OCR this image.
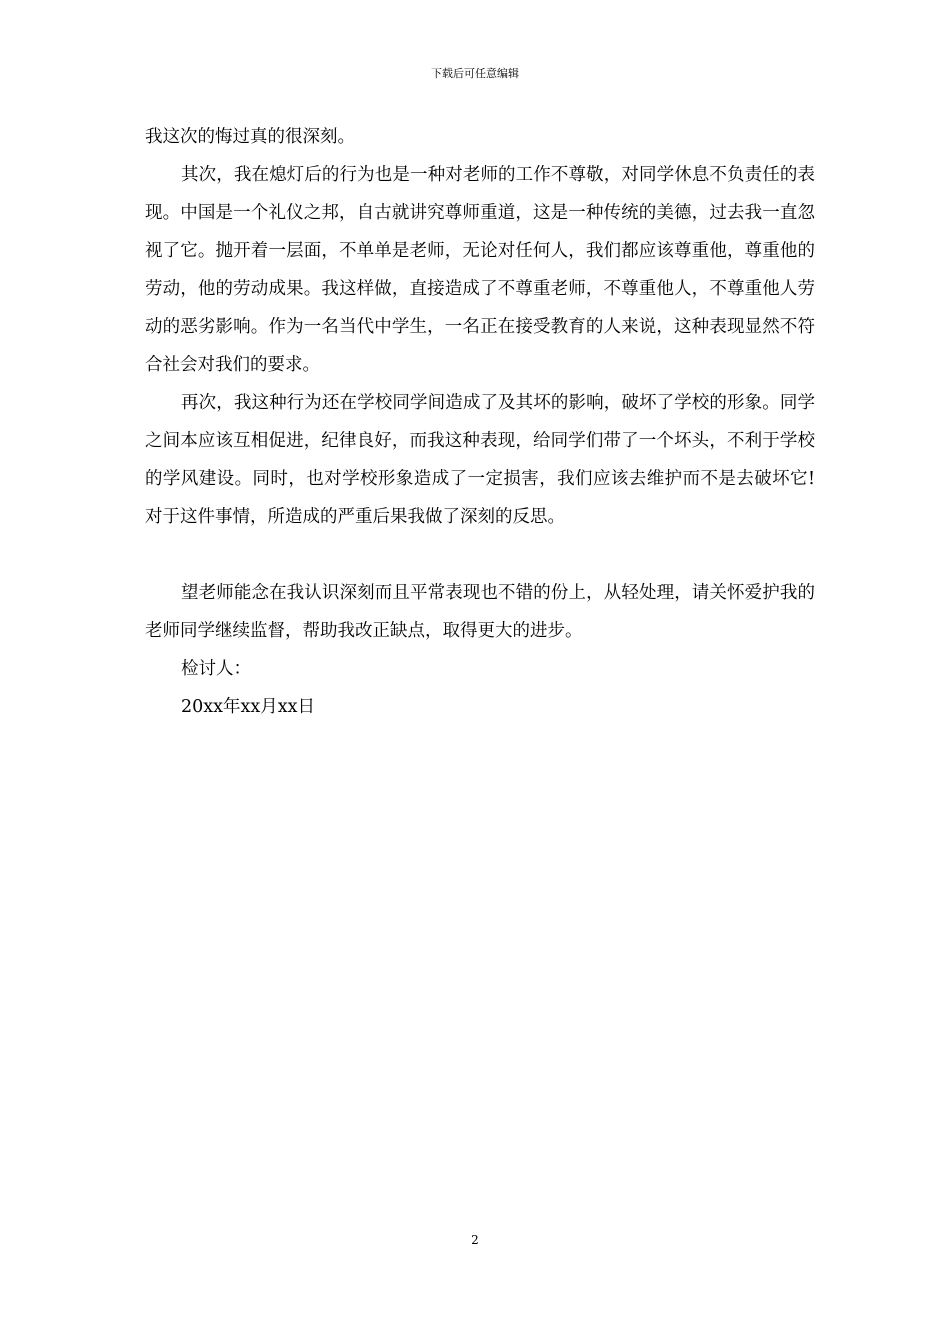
下载后可任意编辑

我这次的悔过真的很深刻。

其次，我在熄灯后的行为也是一种对老师的工作不尊敬，对同学休息不负责任的表现。中国是一个礼仪之邦，自古就讲究尊师重道，这是一种传统的美德，过去我一直忽视了它。抛开着一层面，不单单是老师，无论对任何人，我们都应该尊重他，尊重他的劳动，他的劳动成果。我这样做，直接造成了不尊重老师，不尊重他人，不尊重他人劳动的恶劣影响。作为一名当代中学生，一名正在接受教育的人来说，这种表现显然不符合社会对我们的要求。

再次，我这种行为还在学校同学间造成了及其坏的影响，破坏了学校的形象。同学之间本应该互相促进，纪律良好，而我这种表现，给同学们带了一个坏头，不利于学校的学风建设。同时，也对学校形象造成了一定损害，我们应该去维护而不是去破坏它!对于这件事情，所造成的严重后果我做了深刻的反思。

望老师能念在我认识深刻而且平常表现也不错的份上，从轻处理，请关怀爱护我的老师同学继续监督，帮助我改正缺点，取得更大的进步。

检讨人：

20xx年xx月xx日

2
